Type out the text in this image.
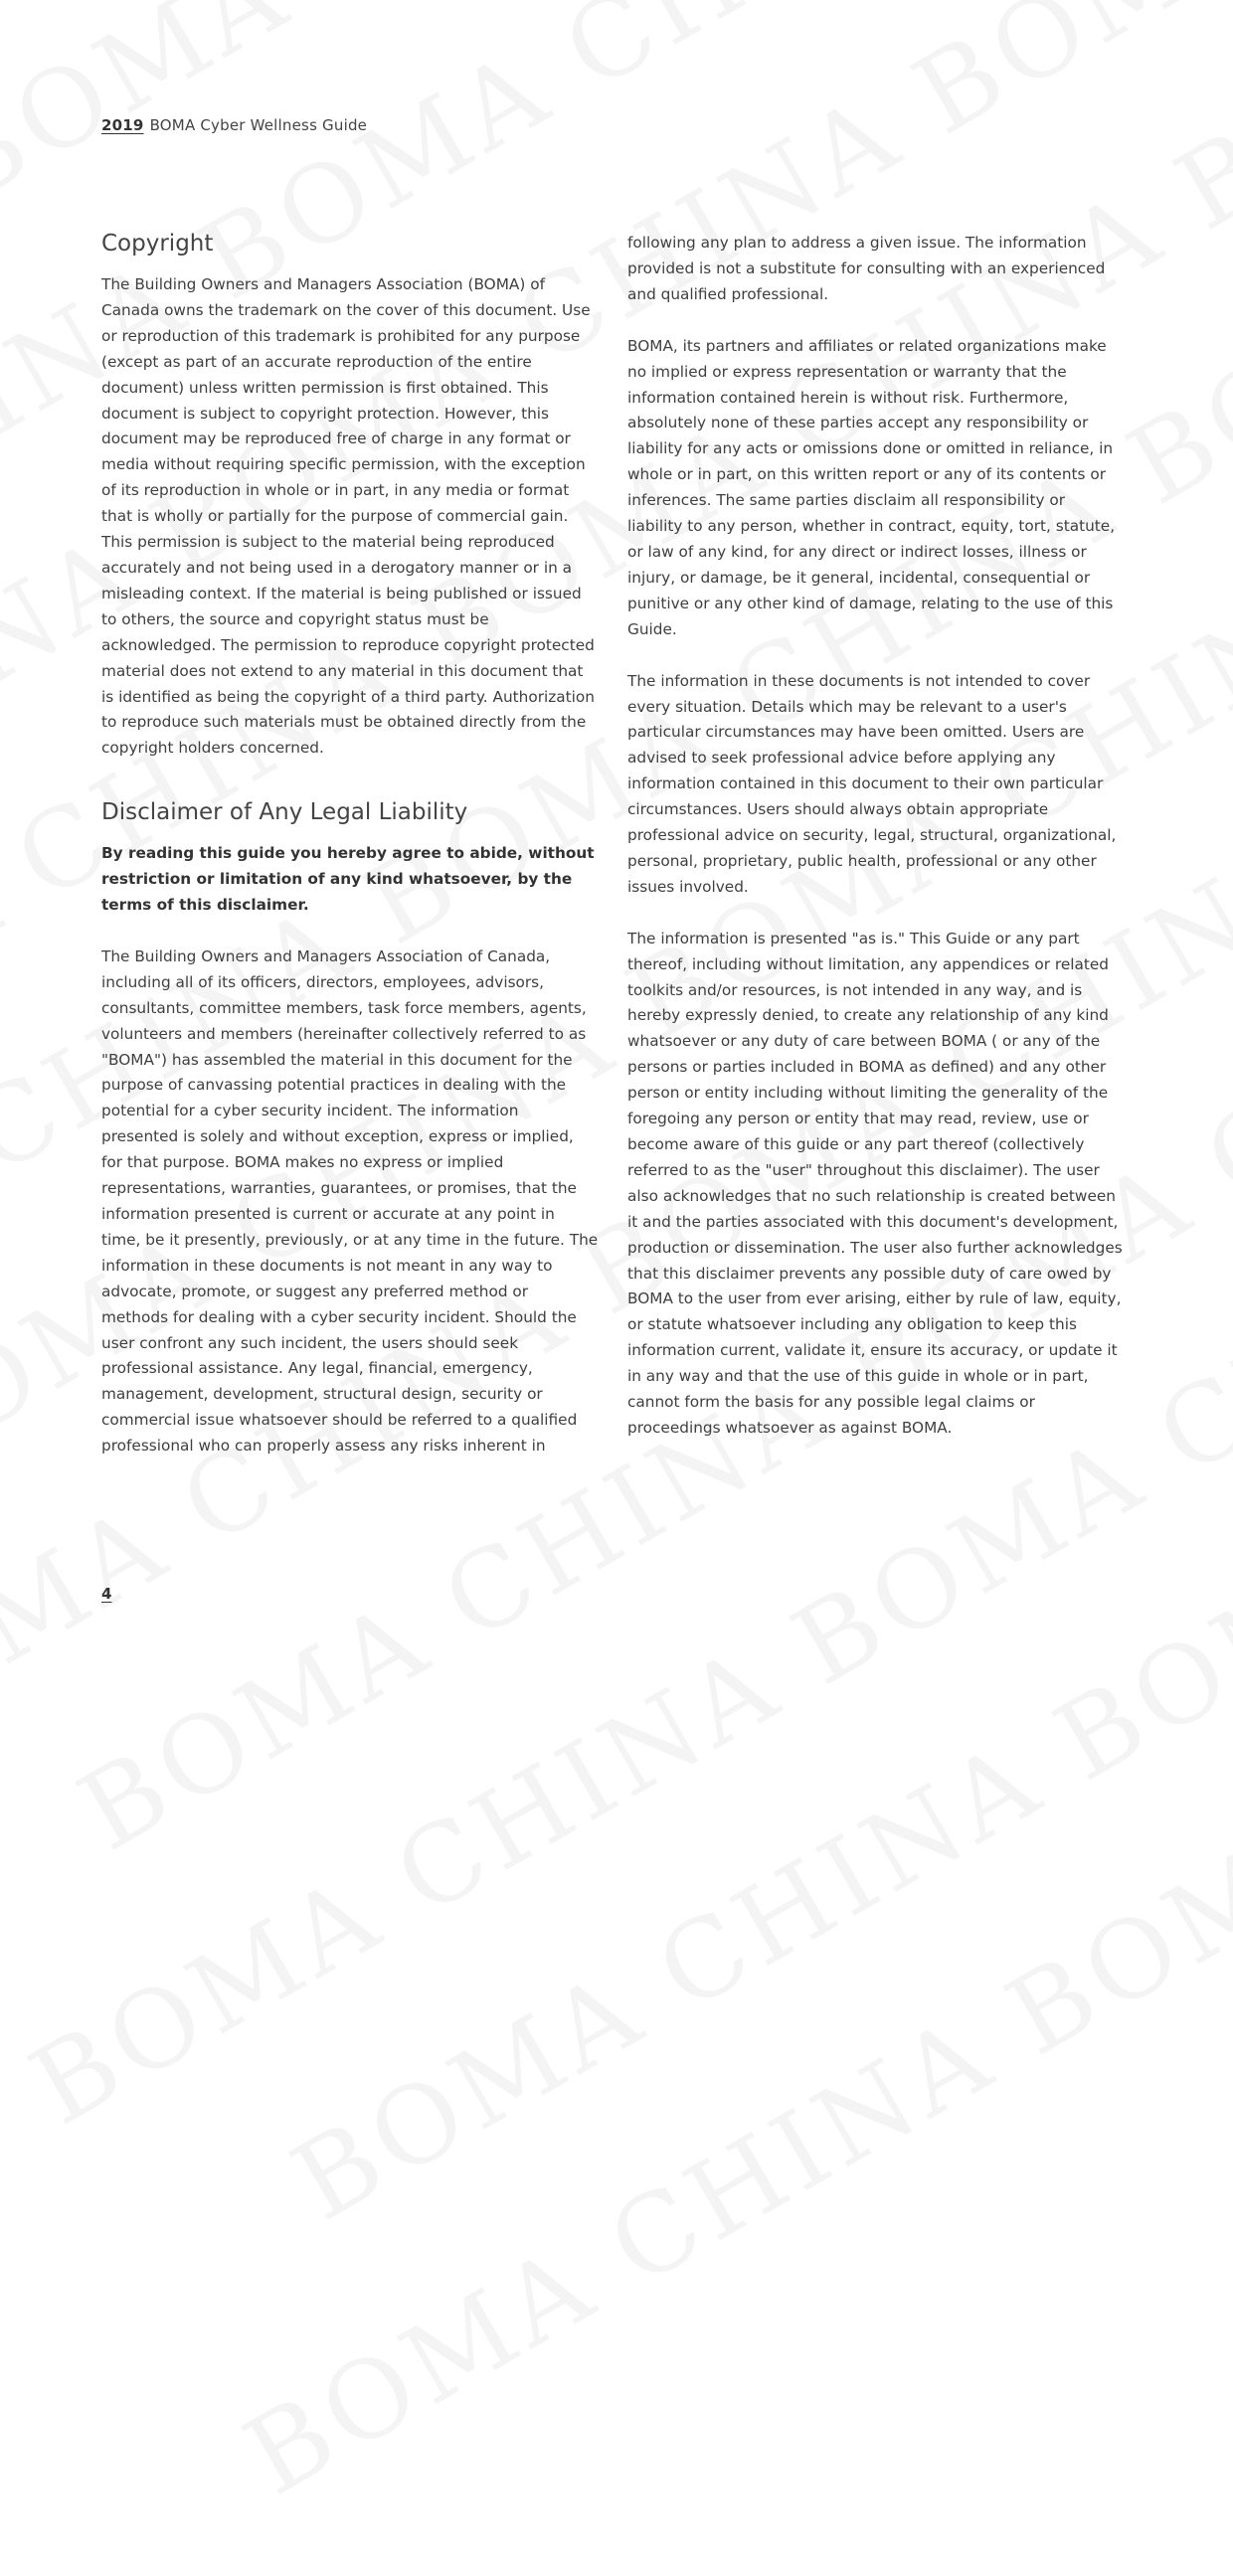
2019 BOMA Cyber Wellness Guide
Copyright

The Building Owners and Managers Association (BOMA) of Canada owns the trademark on the cover of this document. Use or reproduction of this trademark is prohibited for any purpose (except as part of an accurate reproduction of the entire document) unless written permission is first obtained. This document is subject to copyright protection. However, this document may be reproduced free of charge in any format or media without requiring specific permission, with the exception of its reproduction in whole or in part, in any media or format that is wholly or partially for the purpose of commercial gain. This permission is subject to the material being reproduced accurately and not being used in a derogatory manner or in a misleading context. If the material is being published or issued to others, the source and copyright status must be acknowledged. The permission to reproduce copyright protected material does not extend to any material in this document that is identified as being the copyright of a third party. Authorization to reproduce such materials must be obtained directly from the copyright holders concerned.

Disclaimer of Any Legal Liability

By reading this guide you hereby agree to abide, without restriction or limitation of any kind whatsoever, by the terms of this disclaimer.

The Building Owners and Managers Association of Canada, including all of its officers, directors, employees, advisors, consultants, committee members, task force members, agents, volunteers and members (hereinafter collectively referred to as "BOMA") has assembled the material in this document for the purpose of canvassing potential practices in dealing with the potential for a cyber security incident. The information presented is solely and without exception, express or implied, for that purpose. BOMA makes no express or implied representations, warranties, guarantees, or promises, that the information presented is current or accurate at any point in time, be it presently, previously, or at any time in the future. The information in these documents is not meant in any way to advocate, promote, or suggest any preferred method or methods for dealing with a cyber security incident. Should the user confront any such incident, the users should seek professional assistance. Any legal, financial, emergency, management, development, structural design, security or commercial issue whatsoever should be referred to a qualified professional who can properly assess any risks inherent in

following any plan to address a given issue. The information provided is not a substitute for consulting with an experienced and qualified professional.

BOMA, its partners and affiliates or related organizations make no implied or express representation or warranty that the information contained herein is without risk. Furthermore, absolutely none of these parties accept any responsibility or liability for any acts or omissions done or omitted in reliance, in whole or in part, on this written report or any of its contents or inferences. The same parties disclaim all responsibility or liability to any person, whether in contract, equity, tort, statute, or law of any kind, for any direct or indirect losses, illness or injury, or damage, be it general, incidental, consequential or punitive or any other kind of damage, relating to the use of this Guide.

The information in these documents is not intended to cover every situation. Details which may be relevant to a user's particular circumstances may have been omitted. Users are advised to seek professional advice before applying any information contained in this document to their own particular circumstances. Users should always obtain appropriate professional advice on security, legal, structural, organizational, personal, proprietary, public health, professional or any other issues involved.

The information is presented "as is." This Guide or any part thereof, including without limitation, any appendices or related toolkits and/or resources, is not intended in any way, and is hereby expressly denied, to create any relationship of any kind whatsoever or any duty of care between BOMA ( or any of the persons or parties included in BOMA as defined) and any other person or entity including without limiting the generality of the foregoing any person or entity that may read, review, use or become aware of this guide or any part thereof (collectively referred to as the "user" throughout this disclaimer). The user also acknowledges that no such relationship is created between it and the parties associated with this document's development, production or dissemination. The user also further acknowledges that this disclaimer prevents any possible duty of care owed by BOMA to the user from ever arising, either by rule of law, equity, or statute whatsoever including any obligation to keep this information current, validate it, ensure its accuracy, or update it in any way and that the use of this guide in whole or in part, cannot form the basis for any possible legal claims or proceedings whatsoever as against BOMA.

4
